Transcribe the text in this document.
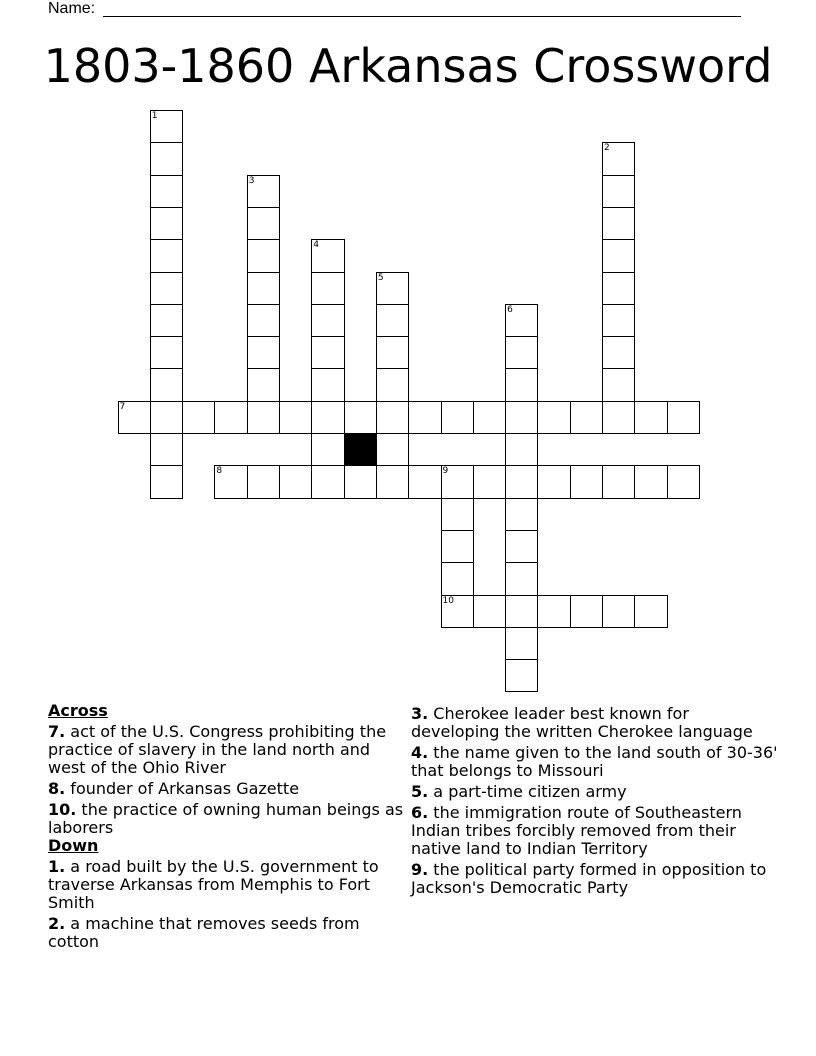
Name:
1803-1860 Arkansas Crossword
1
2
3
4
5
6
7
8	9
10
Across
7. act of the U.S. Congress prohibiting the practice of slavery in the land north and west of the Ohio River
8. founder of Arkansas Gazette
10. the practice of owning human beings as laborers
Down
1. a road built by the U.S. government to traverse Arkansas from Memphis to Fort Smith
2. a machine that removes seeds from cotton
3. Cherokee leader best known for developing the written Cherokee language
4. the name given to the land south of 30-36' that belongs to Missouri
5. a part-time citizen army
6. the immigration route of Southeastern Indian tribes forcibly removed from their native land to Indian Territory
9. the political party formed in opposition to Jackson's Democratic Party
